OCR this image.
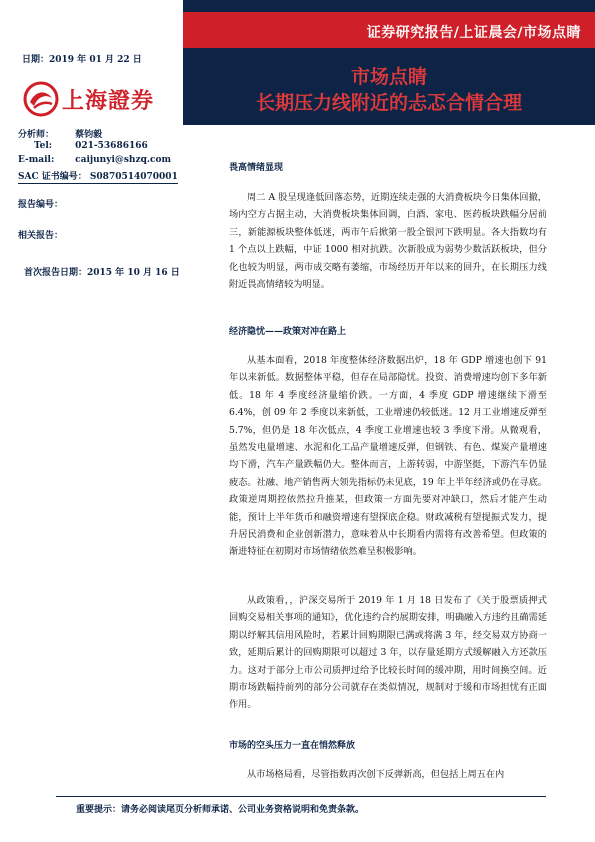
证券研究报告/上证晨会/市场点睛
日期：2019 年 01 月 22 日
上海證券
市场点睛
长期压力线附近的忐忑合情合理
分析师： 蔡钧毅
Tel:	021-53686166
E-mail: caijunyi@shzq.com
SAC 证书编号： S0870514070001
报告编号：
相关报告：
首次报告日期：2015 年 10 月 16 日
畏高情绪显现
周二 A 股呈现逢低回落态势，近期连续走强的大消费板块今日集体回撤，场内空方占据主动，大消费板块集体回调，白酒、家电、医药板块跌幅分居前三，新能源板块整体低迷，两市午后掀第一股全银河下跌明显。各大指数均有 1 个点以上跌幅，中证 1000 相对抗跌。次新股成为弱势少数活跃板块，但分化也较为明显，两市成交略有萎缩，市场经历开年以来的回升，在长期压力线附近畏高情绪较为明显。
经济隐忧——政策对冲在路上
从基本面看，2018 年度整体经济数据出炉，18 年 GDP 增速也创下 91 年以来新低。数据整体平稳，但存在局部隐忧。投资、消费增速均创下多年新低。18 年 4 季度经济量缩价跌。一方面，4 季度 GDP 增速继续下滑至 6.4%，创 09 年 2 季度以来新低，工业增速仍较低迷。12 月工业增速反弹至 5.7%，但仍是 18 年次低点，4 季度工业增速也较 3 季度下滑。从微观看，虽然发电量增速、水泥和化工品产量增速反弹，但钢铁、有色、煤炭产量增速均下滑，汽车产量跌幅仍大。整体而言，上游转弱，中游坚挺，下游汽车仍显疲态。社融、地产销售两大领先指标仍未见底，19 年上半年经济或仍在寻底。政策逆周期控依然拉升推某，但政策一方面先要对冲缺口，然后才能产生动能，预计上半年货币和融资增速有望探底企稳。财政减税有望提振式发力，提升居民消费和企业创新潜力，意味着从中长期看内需将有改善希望。但政策的渐进特征在初期对市场情绪依然难呈积极影响。
从政策看，，沪深交易所于 2019 年 1 月 18 日发布了《关于股票质押式回购交易相关事项的通知》，优化违约合约展期安排，明确融入方违约且确需延期以纾解其信用风险时，若累计回购期限已满或将满 3 年，经交易双方协商一致，延期后累计的回购期限可以超过 3 年，以存量延期方式缓解融入方还款压力。这对于部分上市公司质押过给予比较长时间的缓冲期，用时间换空间。近期市场跌幅持前列的部分公司就存在类似情况，规制对于缓和市场担忧有正面作用。
市场的空头压力一直在悄然释放
从市场格局看，尽管指数再次创下反弹新高，但包括上周五在内
重要提示：请务必阅读尾页分析师承诺、公司业务资格说明和免责条款。
